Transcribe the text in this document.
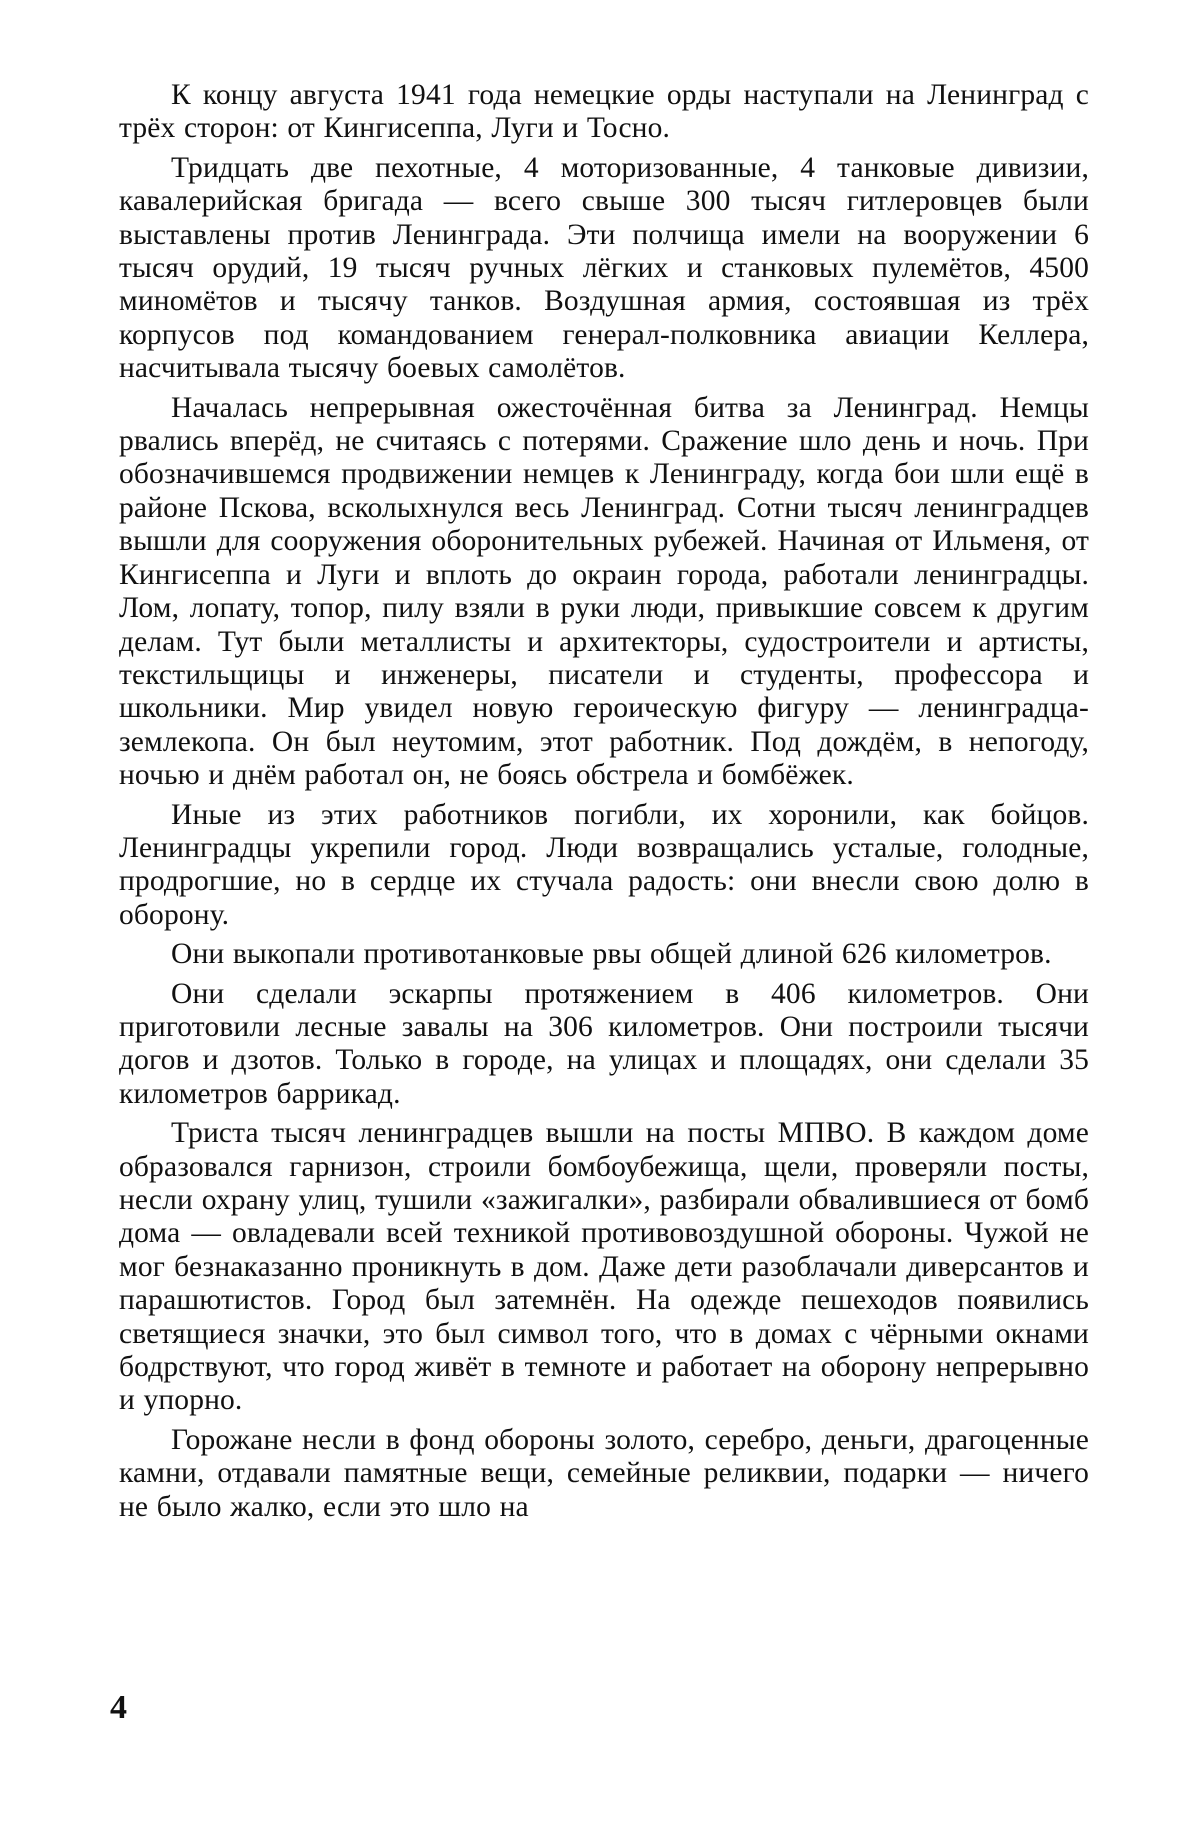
К концу августа 1941 года немецкие орды наступали на Ленинград с трёх сторон: от Кингисеппа, Луги и Тосно.

Тридцать две пехотные, 4 моторизованные, 4 танковые дивизии, кавалерийская бригада — всего свыше 300 тысяч гитлеровцев были выставлены против Ленинграда. Эти полчища имели на вооружении 6 тысяч орудий, 19 тысяч ручных лёгких и станковых пулемётов, 4500 миномётов и тысячу танков. Воздушная армия, состоявшая из трёх корпусов под командованием генерал-полковника авиации Келлера, насчитывала тысячу боевых самолётов.

Началась непрерывная ожесточённая битва за Ленинград. Немцы рвались вперёд, не считаясь с потерями. Сражение шло день и ночь. При обозначившемся продвижении немцев к Ленинграду, когда бои шли ещё в районе Пскова, всколыхнулся весь Ленинград. Сотни тысяч ленинградцев вышли для сооружения оборонительных рубежей. Начиная от Ильменя, от Кингисеппа и Луги и вплоть до окраин города, работали ленинградцы. Лом, лопату, топор, пилу взяли в руки люди, привыкшие совсем к другим делам. Тут были металлисты и архитекторы, судостроители и артисты, текстильщицы и инженеры, писатели и студенты, профессора и школьники. Мир увидел новую героическую фигуру — ленинградца-землекопа. Он был неутомим, этот работник. Под дождём, в непогоду, ночью и днём работал он, не боясь обстрела и бомбёжек.

Иные из этих работников погибли, их хоронили, как бойцов. Ленинградцы укрепили город. Люди возвращались усталые, голодные, продрогшие, но в сердце их стучала радость: они внесли свою долю в оборону.

Они выкопали противотанковые рвы общей длиной 626 километров.

Они сделали эскарпы протяжением в 406 километров. Они приготовили лесные завалы на 306 километров. Они построили тысячи догов и дзотов. Только в городе, на улицах и площадях, они сделали 35 километров баррикад.

Триста тысяч ленинградцев вышли на посты МПВО. В каждом доме образовался гарнизон, строили бомбоубежища, щели, проверяли посты, несли охрану улиц, тушили «зажигалки», разбирали обвалившиеся от бомб дома — овладевали всей техникой противовоздушной обороны. Чужой не мог безнаказанно проникнуть в дом. Даже дети разоблачали диверсантов и парашютистов. Город был затемнён. На одежде пешеходов появились светящиеся значки, это был символ того, что в домах с чёрными окнами бодрствуют, что город живёт в темноте и работает на оборону непрерывно и упорно.

Горожане несли в фонд обороны золото, серебро, деньги, драгоценные камни, отдавали памятные вещи, семейные реликвии, подарки — ничего не было жалко, если это шло на

4
